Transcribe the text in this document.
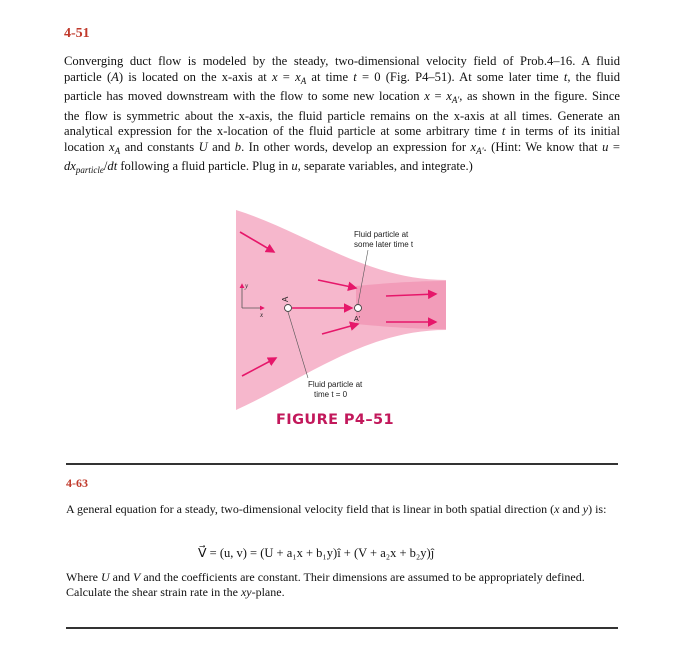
4-51
Converging duct flow is modeled by the steady, two-dimensional velocity field of Prob.4–16. A fluid
particle (A) is located on the x-axis at $x = x_A$ at time t = 0 (Fig. P4–51). At some later time t, the fluid
particle has moved downstream with the flow to some new location $x = x_{A'}$, as shown in the figure. Since
the flow is symmetric about the x-axis, the fluid particle remains on the x-axis at all times. Generate an
analytical expression for the x-location of the fluid particle at some arbitrary time t in terms of its initial
location $x_A$ and constants U and b. In other words, develop an expression for $x_{A'}$. (Hint: We know that u =
$dx_{particle}/dt$ following a fluid particle. Plug in u, separate variables, and integrate.)
y
x
A
A'
Fluid particle at
some later time t
Fluid particle at
time t = 0
FIGURE P4–51
4-63
A general equation for a steady, two-dimensional velocity field that is linear in both spatial direction (x and y) is:
V⃗ = (u, v) = (U + a₁x + b₁y)î + (V + a₂x + b₂y)ĵ
Where U and V and the coefficients are constant. Their dimensions are assumed to be appropriately defined. Calculate the shear strain rate in the xy-plane.
